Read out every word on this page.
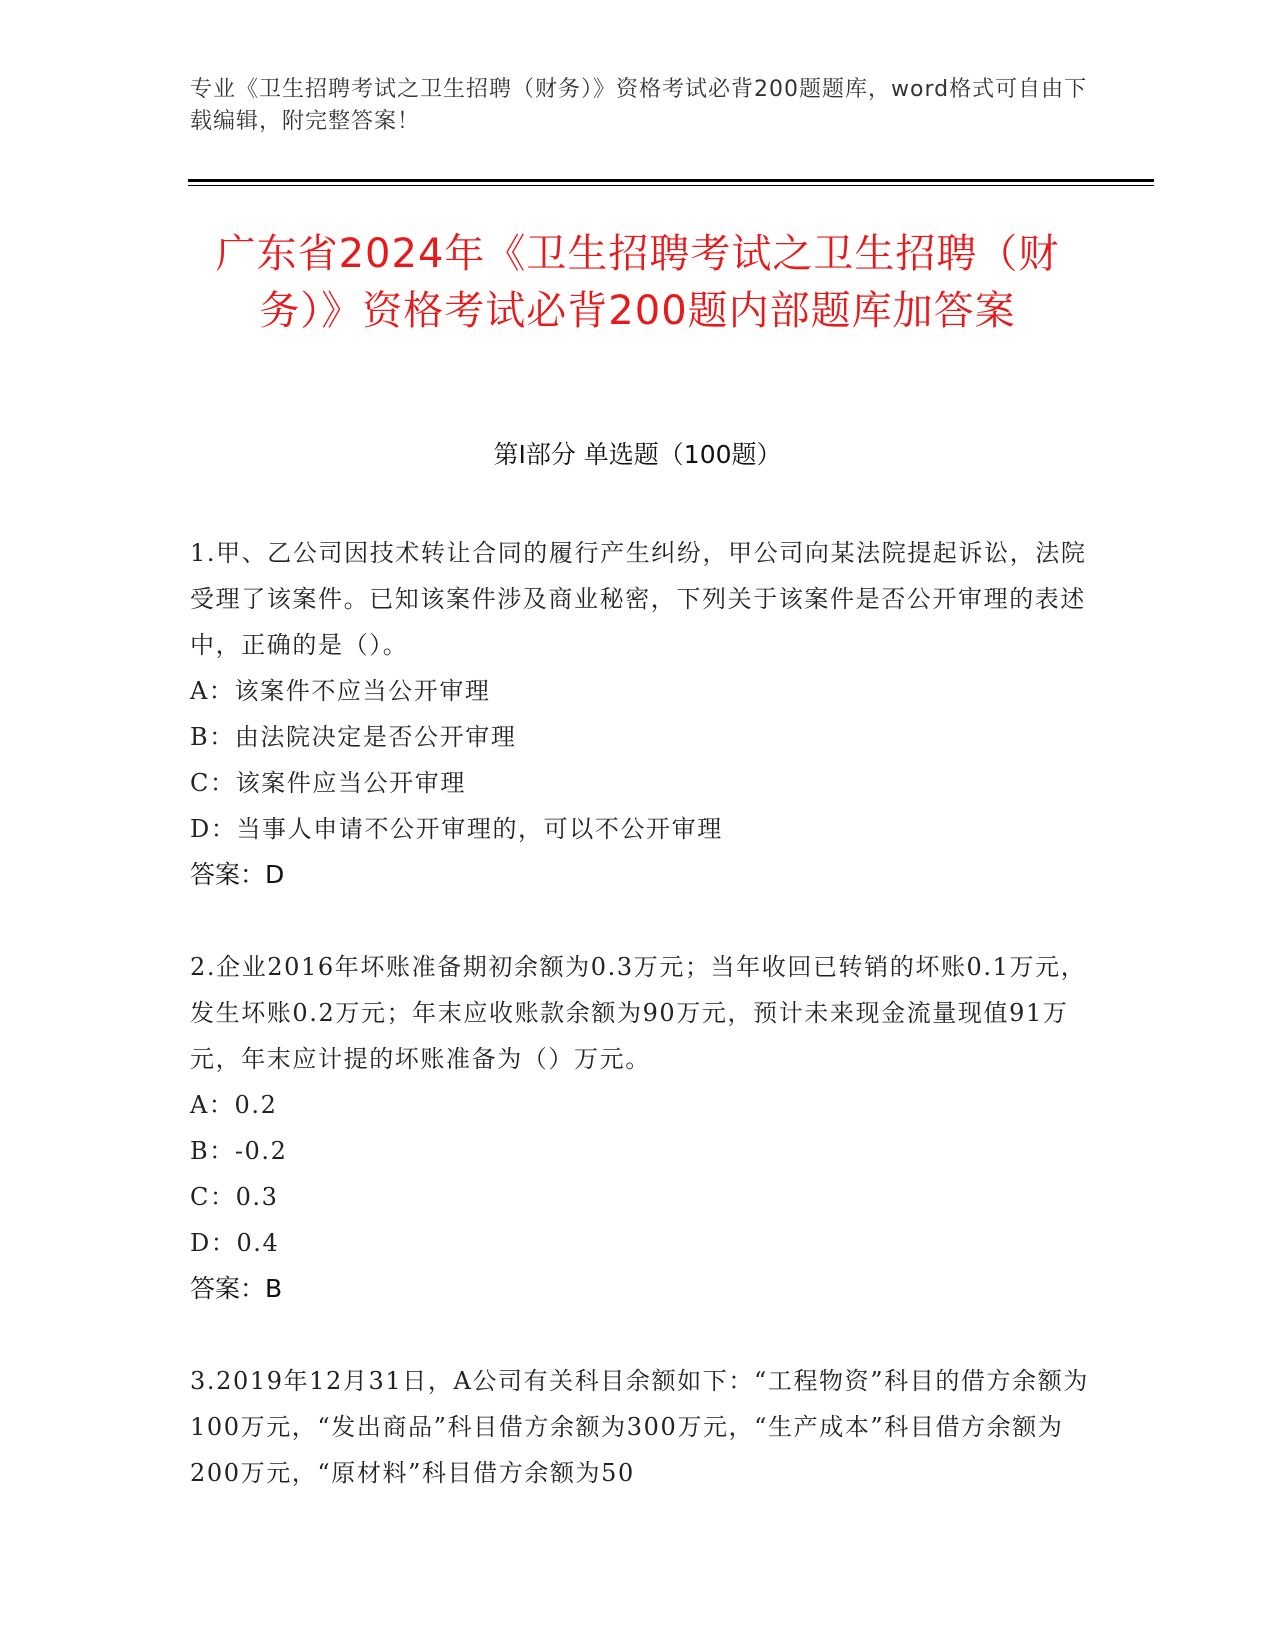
专业《卫生招聘考试之卫生招聘（财务）》资格考试必背200题题库，word格式可自由下载编辑，附完整答案！
广东省2024年《卫生招聘考试之卫生招聘（财务）》资格考试必背200题内部题库加答案
第I部分 单选题（100题）
1.甲、乙公司因技术转让合同的履行产生纠纷，甲公司向某法院提起诉讼，法院受理了该案件。已知该案件涉及商业秘密，下列关于该案件是否公开审理的表述中，正确的是（）。
A：该案件不应当公开审理
B：由法院决定是否公开审理
C：该案件应当公开审理
D：当事人申请不公开审理的，可以不公开审理
答案：D
2.企业2016年坏账准备期初余额为0.3万元；当年收回已转销的坏账0.1万元，发生坏账0.2万元；年末应收账款余额为90万元，预计未来现金流量现值91万元，年末应计提的坏账准备为（）万元。
A：0.2
B：-0.2
C：0.3
D：0.4
答案：B
3.2019年12月31日，A公司有关科目余额如下：“工程物资”科目的借方余额为100万元，“发出商品”科目借方余额为300万元，“生产成本”科目借方余额为200万元，“原材料”科目借方余额为50
